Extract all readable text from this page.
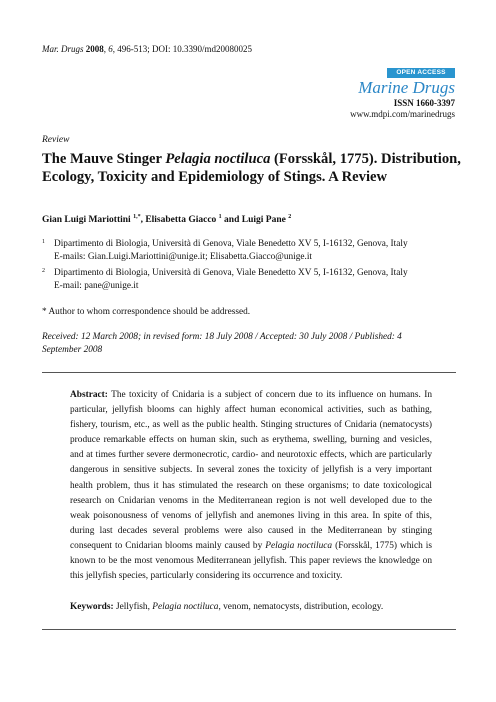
Mar. Drugs 2008, 6, 496-513; DOI: 10.3390/md20080025
OPEN ACCESS
Marine Drugs
ISSN 1660-3397
www.mdpi.com/marinedrugs
Review
The Mauve Stinger Pelagia noctiluca (Forsskål, 1775). Distribution, Ecology, Toxicity and Epidemiology of Stings. A Review
Gian Luigi Mariottini $^{1,*}$, Elisabetta Giacco $^1$ and Luigi Pane $^2$
1 Dipartimento di Biologia, Università di Genova, Viale Benedetto XV 5, I-16132, Genova, Italy
E-mails: Gian.Luigi.Mariottini@unige.it; Elisabetta.Giacco@unige.it
2 Dipartimento di Biologia, Università di Genova, Viale Benedetto XV 5, I-16132, Genova, Italy
E-mail: pane@unige.it
* Author to whom correspondence should be addressed.
Received: 12 March 2008; in revised form: 18 July 2008 / Accepted: 30 July 2008 / Published: 4 September 2008

Abstract: The toxicity of Cnidaria is a subject of concern due to its influence on humans. In particular, jellyfish blooms can highly affect human economical activities, such as bathing, fishery, tourism, etc., as well as the public health. Stinging structures of Cnidaria (nematocysts) produce remarkable effects on human skin, such as erythema, swelling, burning and vesicles, and at times further severe dermonecrotic, cardio- and neurotoxic effects, which are particularly dangerous in sensitive subjects. In several zones the toxicity of jellyfish is a very important health problem, thus it has stimulated the research on these organisms; to date toxicological research on Cnidarian venoms in the Mediterranean region is not well developed due to the weak poisonousness of venoms of jellyfish and anemones living in this area. In spite of this, during last decades several problems were also caused in the Mediterranean by stinging consequent to Cnidarian blooms mainly caused by Pelagia noctiluca (Forsskål, 1775) which is known to be the most venomous Mediterranean jellyfish. This paper reviews the knowledge on this jellyfish species, particularly considering its occurrence and toxicity.

Keywords: Jellyfish, Pelagia noctiluca, venom, nematocysts, distribution, ecology.
